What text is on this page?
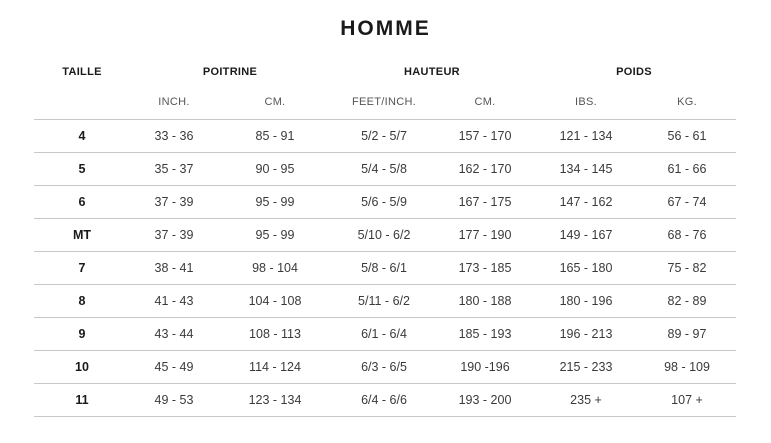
HOMME
TAILLE	POITRINE	HAUTEUR	POIDS
INCH.	CM.	FEET/INCH.	CM.	IBS.	KG.
4	33 - 36	85 - 91	5/2 - 5/7	157 - 170	121 - 134	56 - 61
5	35 - 37	90 - 95	5/4 - 5/8	162 - 170	134 - 145	61 - 66
6	37 - 39	95 - 99	5/6 - 5/9	167 - 175	147 - 162	67 - 74
MT	37 - 39	95 - 99	5/10 - 6/2	177 - 190	149 - 167	68 - 76
7	38 - 41	98 - 104	5/8 - 6/1	173 - 185	165 - 180	75 - 82
8	41 - 43	104 - 108	5/11 - 6/2	180 - 188	180 - 196	82 - 89
9	43 - 44	108 - 113	6/1 - 6/4	185 - 193	196 - 213	89 - 97
10	45 - 49	114 - 124	6/3 - 6/5	190 -196	215 - 233	98 - 109
11	49 - 53	123 - 134	6/4 - 6/6	193 - 200	235 +	107 +
